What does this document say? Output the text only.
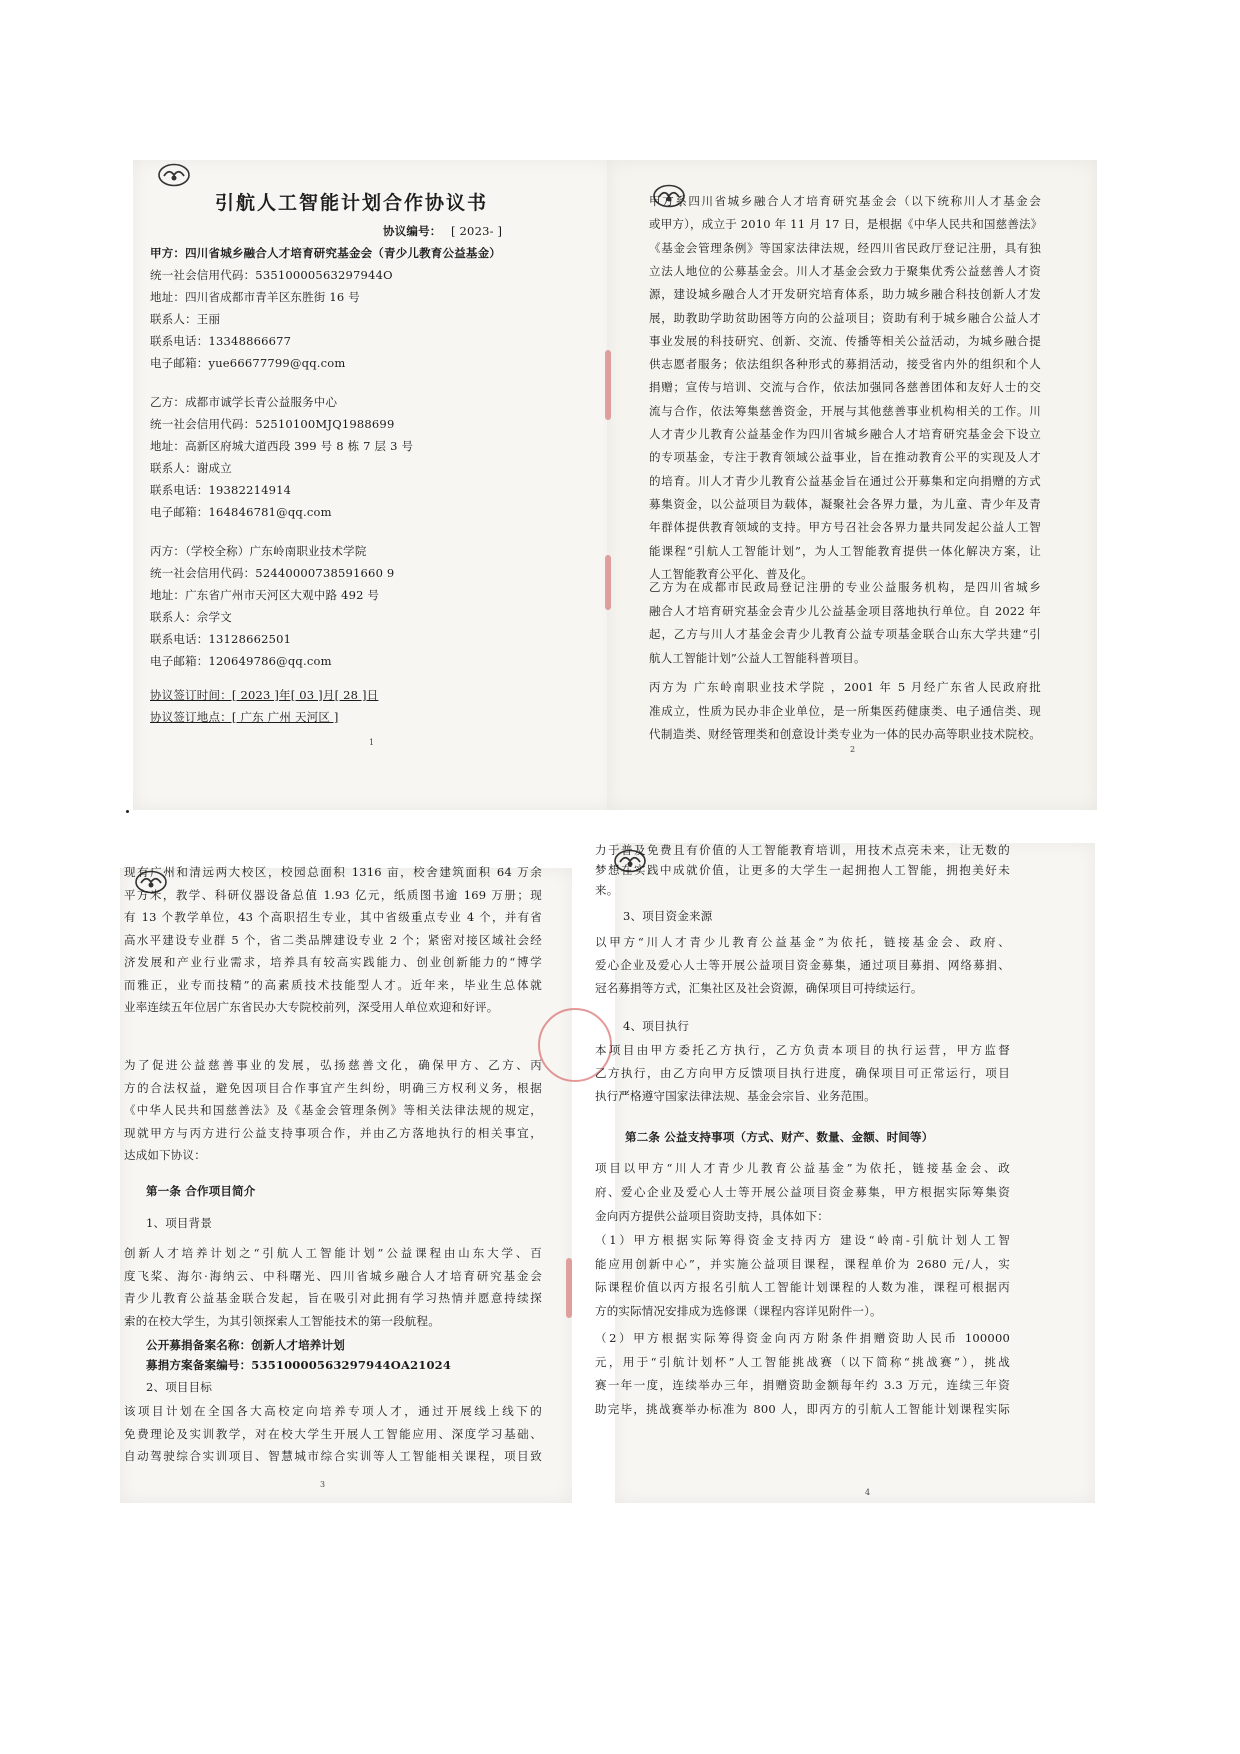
引航人工智能计划合作协议书
协议编号： [ 2023- ]
甲方：四川省城乡融合人才培育研究基金会（青少儿教育公益基金）
统一社会信用代码：53510000563297944O
地址：四川省成都市青羊区东胜街 16 号
联系人：王丽
联系电话：13348866677
电子邮箱：yue66677799@qq.com
乙方：成都市诚学长青公益服务中心
统一社会信用代码：52510100MJQ1988699
地址：高新区府城大道西段 399 号 8 栋 7 层 3 号
联系人：谢成立
联系电话：19382214914
电子邮箱：164846781@qq.com
丙方：（学校全称）广东岭南职业技术学院
统一社会信用代码：52440000738591660 9
地址：广东省广州市天河区大观中路 492 号
联系人：佘学文
联系电话：13128662501
电子邮箱：120649786@qq.com
协议签订时间：[ 2023 ]年[ 03 ]月[ 28 ]日
协议签订地点：[ 广东 广州 天河区 ]
1
甲方系四川省城乡融合人才培育研究基金会（以下统称川人才基金会
或甲方），成立于 2010 年 11 月 17 日，是根据《中华人民共和国慈善法》
《基金会管理条例》等国家法律法规，经四川省民政厅登记注册，具有独
立法人地位的公募基金会。川人才基金会致力于聚集优秀公益慈善人才资
源，建设城乡融合人才开发研究培育体系，助力城乡融合科技创新人才发
展，助教助学助贫助困等方向的公益项目；资助有利于城乡融合公益人才
事业发展的科技研究、创新、交流、传播等相关公益活动，为城乡融合提
供志愿者服务；依法组织各种形式的募捐活动，接受省内外的组织和个人
捐赠；宣传与培训、交流与合作，依法加强同各慈善团体和友好人士的交
流与合作，依法筹集慈善资金，开展与其他慈善事业机构相关的工作。川
人才青少儿教育公益基金作为四川省城乡融合人才培育研究基金会下设立
的专项基金，专注于教育领域公益事业，旨在推动教育公平的实现及人才
的培育。川人才青少儿教育公益基金旨在通过公开募集和定向捐赠的方式
募集资金，以公益项目为载体，凝聚社会各界力量，为儿童、青少年及青
年群体提供教育领域的支持。甲方号召社会各界力量共同发起公益人工智
能课程“引航人工智能计划”，为人工智能教育提供一体化解决方案，让
人工智能教育公平化、普及化。
乙方为在成都市民政局登记注册的专业公益服务机构，是四川省城乡
融合人才培育研究基金会青少儿公益基金项目落地执行单位。自 2022 年
起，乙方与川人才基金会青少儿教育公益专项基金联合山东大学共建“引
航人工智能计划”公益人工智能科普项目。
丙方为 广东岭南职业技术学院 ，2001 年 5 月经广东省人民政府批
准成立，性质为民办非企业单位，是一所集医药健康类、电子通信类、现
代制造类、财经管理类和创意设计类专业为一体的民办高等职业技术院校。
2
现有广州和清远两大校区，校园总面积 1316 亩，校舍建筑面积 64 万余
平方米，教学、科研仪器设备总值 1.93 亿元，纸质图书逾 169 万册；现
有 13 个教学单位，43 个高职招生专业，其中省级重点专业 4 个，并有省
高水平建设专业群 5 个，省二类品牌建设专业 2 个；紧密对接区域社会经
济发展和产业行业需求，培养具有较高实践能力、创业创新能力的“博学
而雅正，业专而技精”的高素质技术技能型人才。近年来，毕业生总体就
业率连续五年位居广东省民办大专院校前列，深受用人单位欢迎和好评。
为了促进公益慈善事业的发展，弘扬慈善文化，确保甲方、乙方、丙
方的合法权益，避免因项目合作事宜产生纠纷，明确三方权利义务，根据
《中华人民共和国慈善法》及《基金会管理条例》等相关法律法规的规定，
现就甲方与丙方进行公益支持事项合作，并由乙方落地执行的相关事宜，
达成如下协议：
第一条 合作项目简介
1、项目背景
创新人才培养计划之“引航人工智能计划”公益课程由山东大学、百
度飞桨、海尔·海纳云、中科曙光、四川省城乡融合人才培育研究基金会
青少儿教育公益基金联合发起，旨在吸引对此拥有学习热情并愿意持续探
索的在校大学生，为其引领探索人工智能技术的第一段航程。
公开募捐备案名称：创新人才培养计划
募捐方案备案编号：53510000563297944OA21024
2、项目目标
该项目计划在全国各大高校定向培养专项人才，通过开展线上线下的
免费理论及实训教学，对在校大学生开展人工智能应用、深度学习基础、
自动驾驶综合实训项目、智慧城市综合实训等人工智能相关课程，项目致
3
力于普及免费且有价值的人工智能教育培训，用技术点亮未来，让无数的
梦想在实践中成就价值，让更多的大学生一起拥抱人工智能，拥抱美好未
来。
3、项目资金来源
以甲方“川人才青少儿教育公益基金”为依托，链接基金会、政府、
爱心企业及爱心人士等开展公益项目资金募集，通过项目募捐、网络募捐、
冠名募捐等方式，汇集社区及社会资源，确保项目可持续运行。
4、项目执行
本项目由甲方委托乙方执行，乙方负责本项目的执行运营，甲方监督
乙方执行，由乙方向甲方反馈项目执行进度，确保项目可正常运行，项目
执行严格遵守国家法律法规、基金会宗旨、业务范围。
第二条 公益支持事项（方式、财产、数量、金额、时间等）
项目以甲方“川人才青少儿教育公益基金”为依托，链接基金会、政
府、爱心企业及爱心人士等开展公益项目资金募集，甲方根据实际筹集资
金向丙方提供公益项目资助支持，具体如下：
（1）甲方根据实际筹得资金支持丙方 建设“岭南-引航计划人工智
能应用创新中心”，并实施公益项目课程，课程单价为 2680 元/人，实
际课程价值以丙方报名引航人工智能计划课程的人数为准，课程可根据丙
方的实际情况安排成为选修课（课程内容详见附件一）。
（2）甲方根据实际筹得资金向丙方附条件捐赠资助人民币 100000
元，用于“引航计划杯”人工智能挑战赛（以下简称“挑战赛”），挑战
赛一年一度，连续举办三年，捐赠资助金额每年约 3.3 万元，连续三年资
助完毕，挑战赛举办标准为 800 人，即丙方的引航人工智能计划课程实际
4
